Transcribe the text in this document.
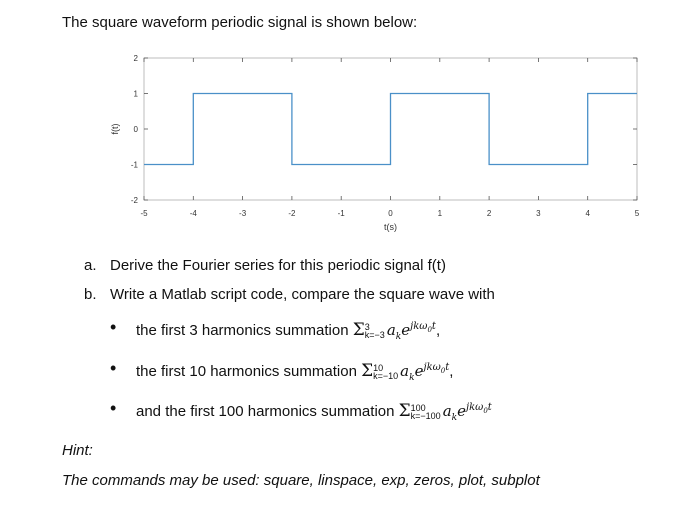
The square waveform periodic signal is shown below:
-5	-4	-3	-2	-1	0	1	2	3	4	5
-2
-1
0
1
2
t(s)
f(t)
a. Derive the Fourier series for this periodic signal f(t)
b. Write a Matlab script code, compare the square wave with
• the first 3 harmonics summation Σ 3
k=−3 $a_ke^{jk\omega_0t}$,
• the first 10 harmonics summation Σ 10
k=−10 $a_ke^{jk\omega_0t}$,
• and the first 100 harmonics summation Σ 100
k=−100 $a_ke^{jk\omega_0t}$
Hint:
The commands may be used: square, linspace, exp, zeros, plot, subplot
